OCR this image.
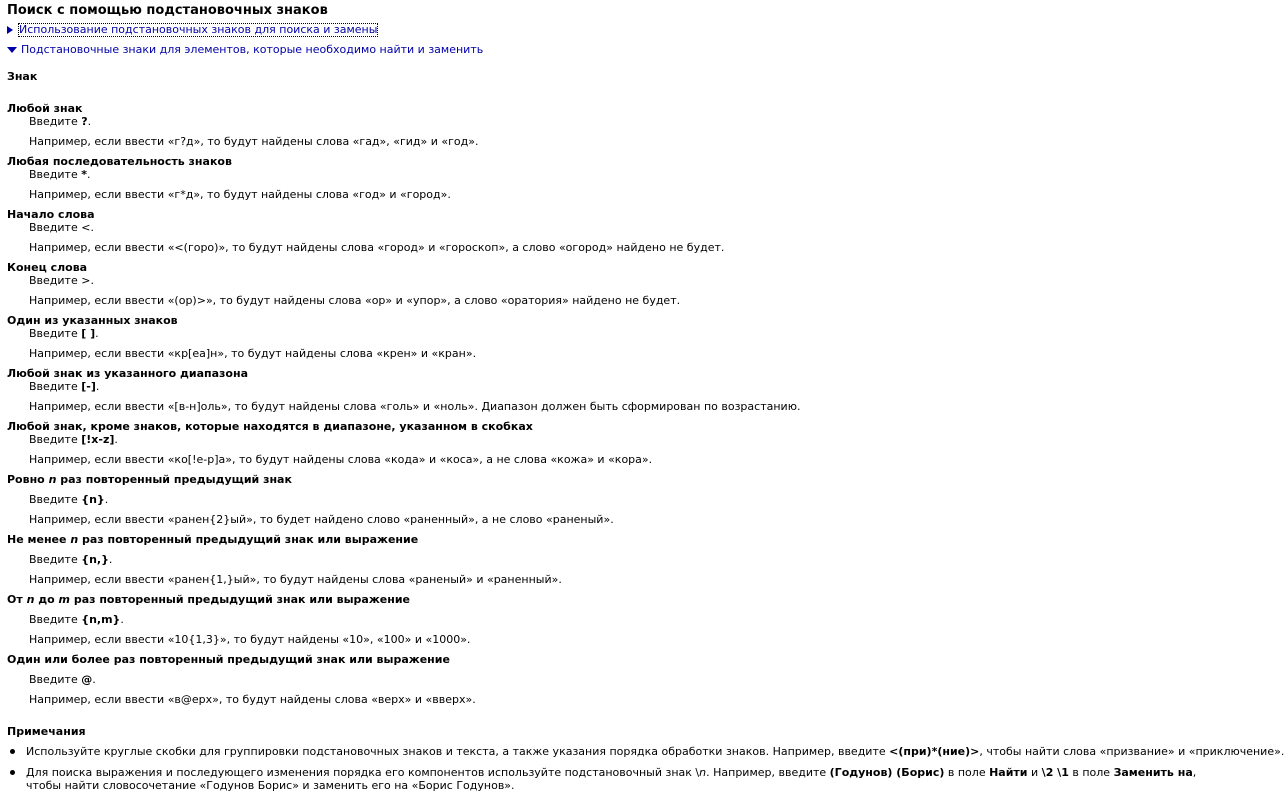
Поиск с помощью подстановочных знаков
Использование подстановочных знаков для поиска и замены
Подстановочные знаки для элементов, которые необходимо найти и заменить
Знак
Любой знак
Введите ?.
Например, если ввести «г?д», то будут найдены слова «гад», «гид» и «год».
Любая последовательность знаков
Введите *.
Например, если ввести «г*д», то будут найдены слова «год» и «город».
Начало слова
Введите <.
Например, если ввести «<(горо)», то будут найдены слова «город» и «гороскоп», а слово «огород» найдено не будет.
Конец слова
Введите >.
Например, если ввести «(ор)>», то будут найдены слова «ор» и «упор», а слово «оратория» найдено не будет.
Один из указанных знаков
Введите [ ].
Например, если ввести «кр[еа]н», то будут найдены слова «крен» и «кран».
Любой знак из указанного диапазона
Введите [-].
Например, если ввести «[в-н]оль», то будут найдены слова «голь» и «ноль». Диапазон должен быть сформирован по возрастанию.
Любой знак, кроме знаков, которые находятся в диапазоне, указанном в скобках
Введите [!x-z].
Например, если ввести «ко[!е-р]а», то будут найдены слова «кода» и «коса», а не слова «кожа» и «кора».
Ровно n раз повторенный предыдущий знак
Введите {n}.
Например, если ввести «ранен{2}ый», то будет найдено слово «раненный», а не слово «раненый».
Не менее n раз повторенный предыдущий знак или выражение
Введите {n,}.
Например, если ввести «ранен{1,}ый», то будут найдены слова «раненый» и «раненный».
От n до m раз повторенный предыдущий знак или выражение
Введите {n,m}.
Например, если ввести «10{1,3}», то будут найдены «10», «100» и «1000».
Один или более раз повторенный предыдущий знак или выражение
Введите @.
Например, если ввести «в@ерх», то будут найдены слова «верх» и «вверх».
Примечания
Используйте круглые скобки для группировки подстановочных знаков и текста, а также указания порядка обработки знаков. Например, введите <(при)*(ние)>, чтобы найти слова «призвание» и «приключение».
Для поиска выражения и последующего изменения порядка его компонентов используйте подстановочный знак \n. Например, введите (Годунов) (Борис) в поле Найти и \2 \1 в поле Заменить на, чтобы найти словосочетание «Годунов Борис» и заменить его на «Борис Годунов».
